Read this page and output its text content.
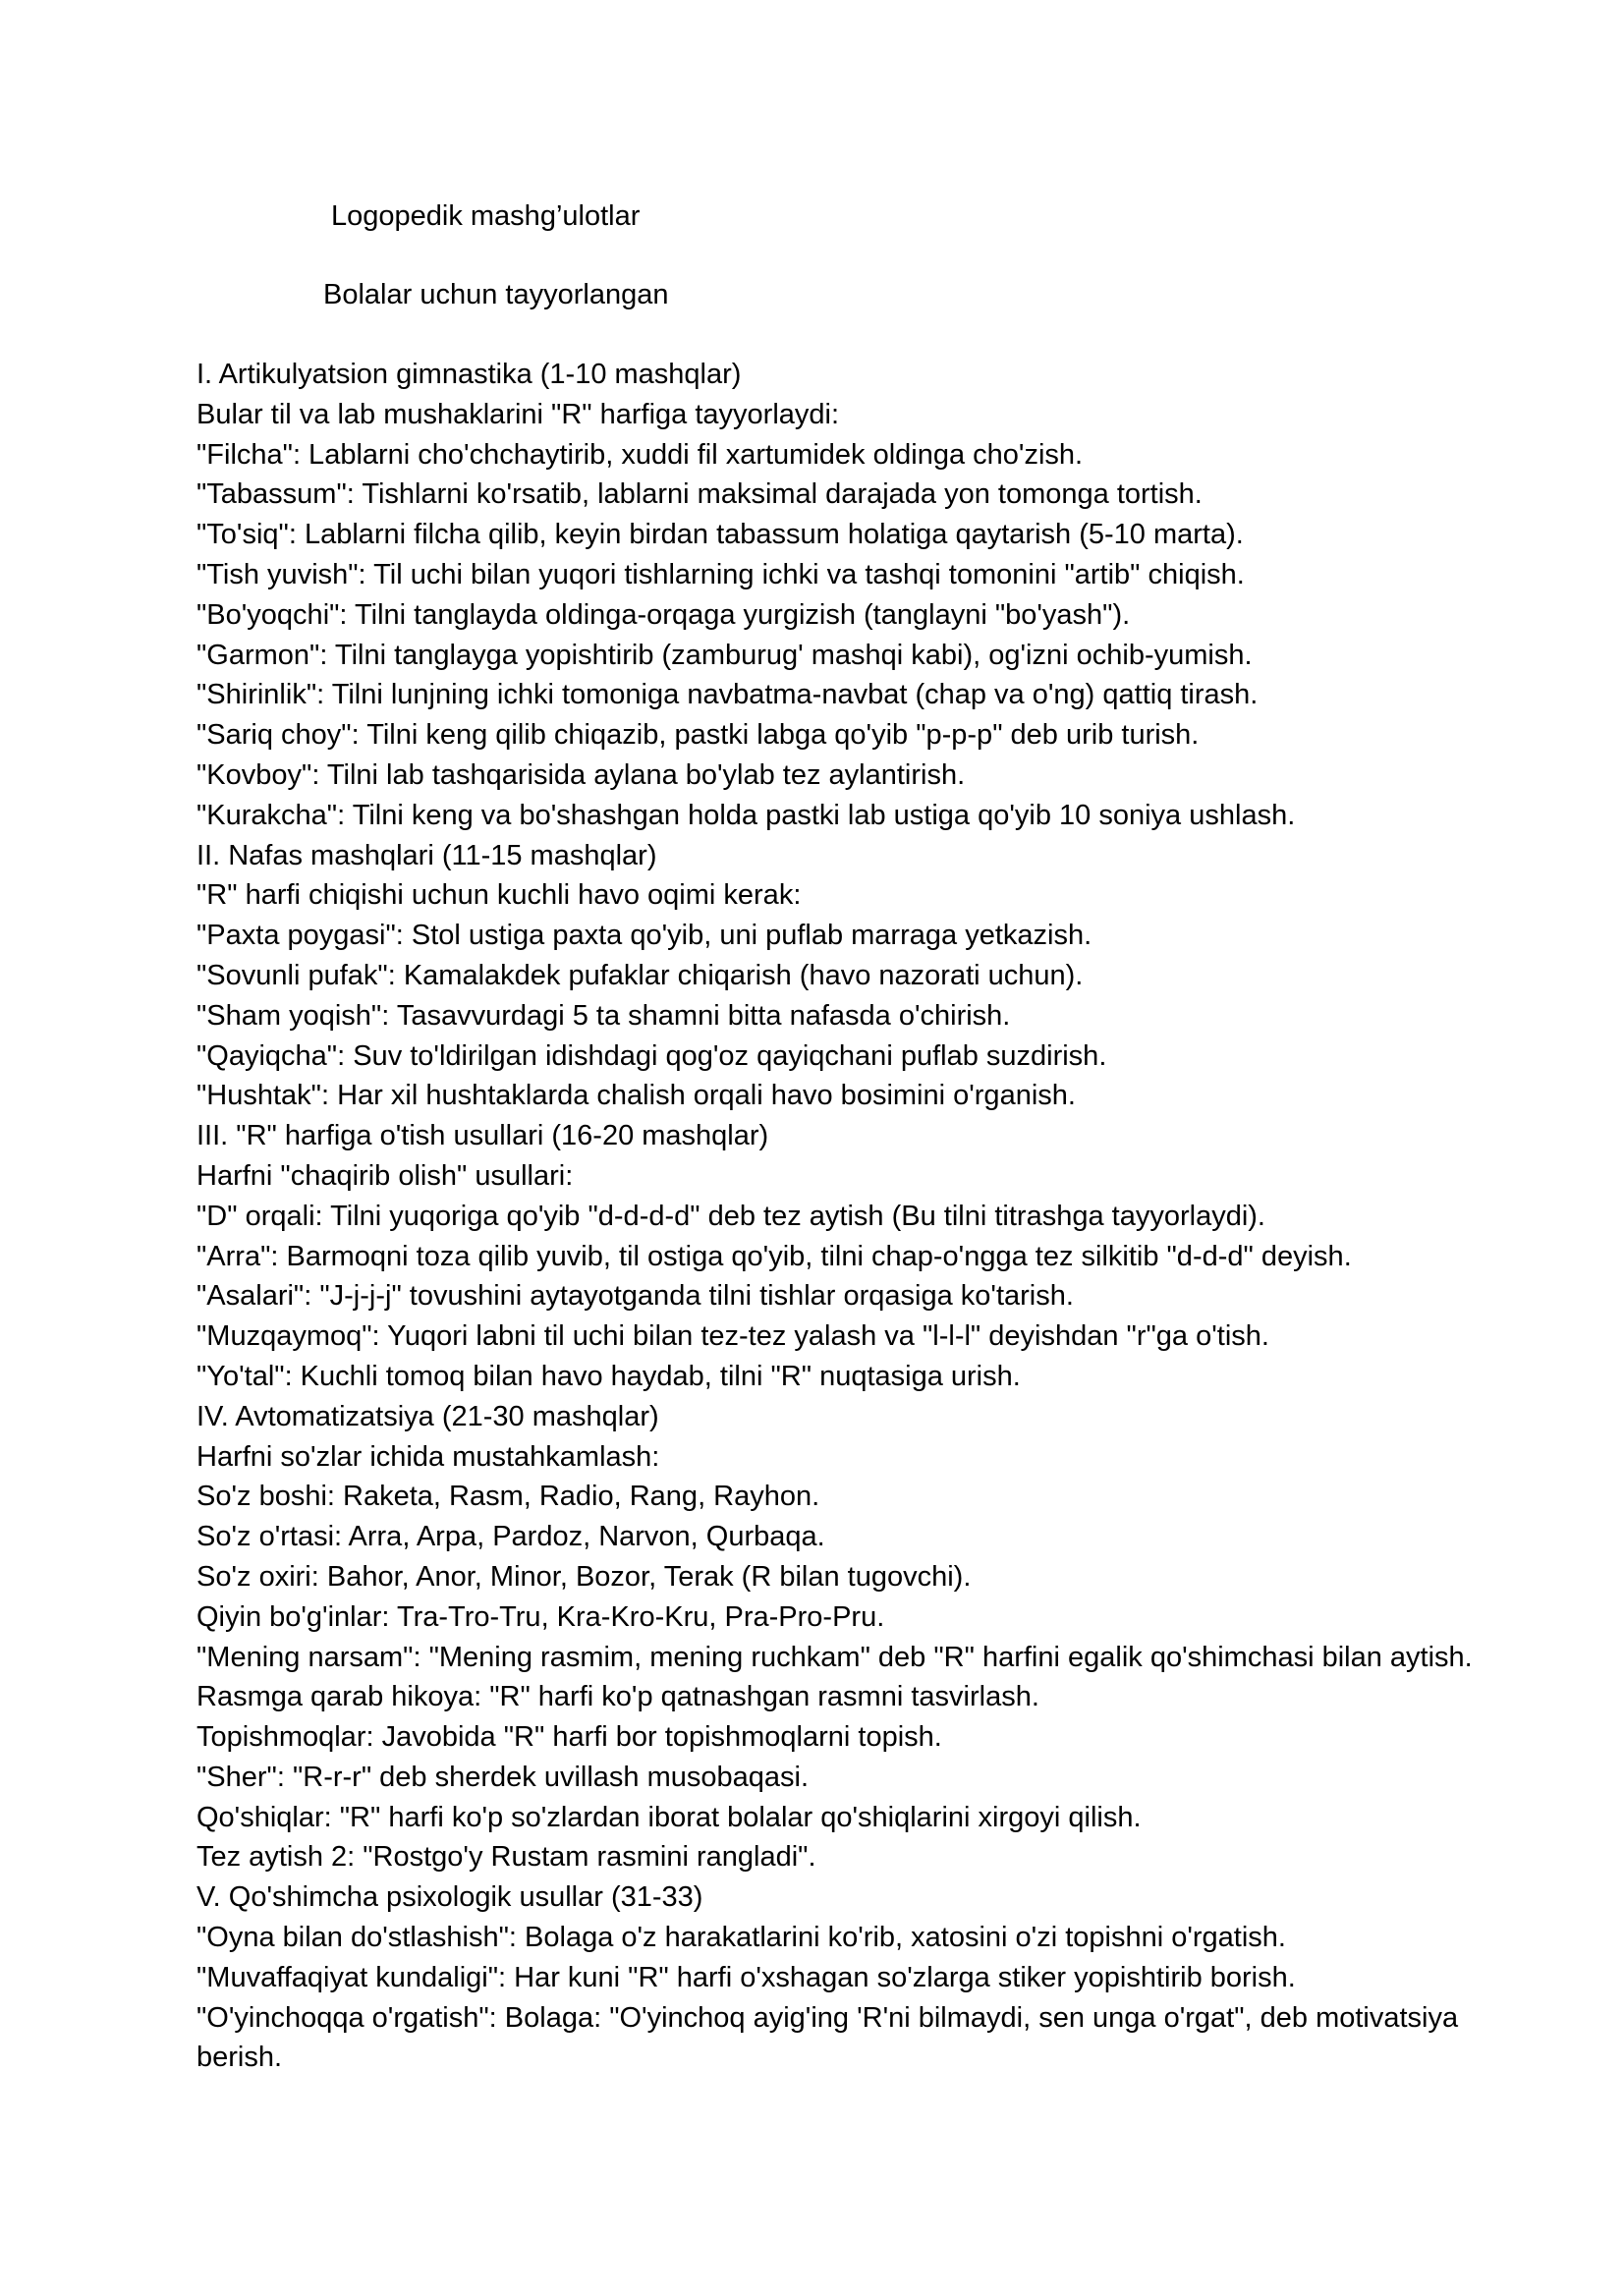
Logopedik mashg’ulotlar
Bolalar uchun tayyorlangan

I. Artikulyatsion gimnastika (1-10 mashqlar)

Bular til va lab mushaklarini "R" harfiga tayyorlaydi:

"Filcha": Lablarni cho'chchaytirib, xuddi fil xartumidek oldinga cho'zish.

"Tabassum": Tishlarni ko'rsatib, lablarni maksimal darajada yon tomonga tortish.

"To'siq": Lablarni filcha qilib, keyin birdan tabassum holatiga qaytarish (5-10 marta).

"Tish yuvish": Til uchi bilan yuqori tishlarning ichki va tashqi tomonini "artib" chiqish.

"Bo'yoqchi": Tilni tanglayda oldinga-orqaga yurgizish (tanglayni "bo'yash").

"Garmon": Tilni tanglayga yopishtirib (zamburug' mashqi kabi), og'izni ochib-yumish.

"Shirinlik": Tilni lunjning ichki tomoniga navbatma-navbat (chap va o'ng) qattiq tirash.

"Sariq choy": Tilni keng qilib chiqazib, pastki labga qo'yib "p-p-p" deb urib turish.

"Kovboy": Tilni lab tashqarisida aylana bo'ylab tez aylantirish.

"Kurakcha": Tilni keng va bo'shashgan holda pastki lab ustiga qo'yib 10 soniya ushlash.

II. Nafas mashqlari (11-15 mashqlar)

"R" harfi chiqishi uchun kuchli havo oqimi kerak:

"Paxta poygasi": Stol ustiga paxta qo'yib, uni puflab marraga yetkazish.

"Sovunli pufak": Kamalakdek pufaklar chiqarish (havo nazorati uchun).

"Sham yoqish": Tasavvurdagi 5 ta shamni bitta nafasda o'chirish.

"Qayiqcha": Suv to'ldirilgan idishdagi qog'oz qayiqchani puflab suzdirish.

"Hushtak": Har xil hushtaklarda chalish orqali havo bosimini o'rganish.

III. "R" harfiga o'tish usullari (16-20 mashqlar)

Harfni "chaqirib olish" usullari:

"D" orqali: Tilni yuqoriga qo'yib "d-d-d-d" deb tez aytish (Bu tilni titrashga tayyorlaydi).

"Arra": Barmoqni toza qilib yuvib, til ostiga qo'yib, tilni chap-o'ngga tez silkitib "d-d-d" deyish.

"Asalari": "J-j-j-j" tovushini aytayotganda tilni tishlar orqasiga ko'tarish.

"Muzqaymoq": Yuqori labni til uchi bilan tez-tez yalash va "l-l-l" deyishdan "r"ga o'tish.

"Yo'tal": Kuchli tomoq bilan havo haydab, tilni "R" nuqtasiga urish.

IV. Avtomatizatsiya (21-30 mashqlar)

Harfni so'zlar ichida mustahkamlash:

So'z boshi: Raketa, Rasm, Radio, Rang, Rayhon.

So'z o'rtasi: Arra, Arpa, Pardoz, Narvon, Qurbaqa.

So'z oxiri: Bahor, Anor, Minor, Bozor, Terak (R bilan tugovchi).

Qiyin bo'g'inlar: Tra-Tro-Tru, Kra-Kro-Kru, Pra-Pro-Pru.

"Mening narsam": "Mening rasmim, mening ruchkam" deb "R" harfini egalik qo'shimchasi bilan aytish.

Rasmga qarab hikoya: "R" harfi ko'p qatnashgan rasmni tasvirlash.

Topishmoqlar: Javobida "R" harfi bor topishmoqlarni topish.

"Sher": "R-r-r" deb sherdek uvillash musobaqasi.

Qo'shiqlar: "R" harfi ko'p so'zlardan iborat bolalar qo'shiqlarini xirgoyi qilish.

Tez aytish 2: "Rostgo'y Rustam rasmini rangladi".

V. Qo'shimcha psixologik usullar (31-33)

"Oyna bilan do'stlashish": Bolaga o'z harakatlarini ko'rib, xatosini o'zi topishni o'rgatish.

"Muvaffaqiyat kundaligi": Har kuni "R" harfi o'xshagan so'zlarga stiker yopishtirib borish.

"O'yinchoqqa o'rgatish": Bolaga: "O'yinchoq ayig'ing 'R'ni bilmaydi, sen unga o'rgat", deb motivatsiya berish.
